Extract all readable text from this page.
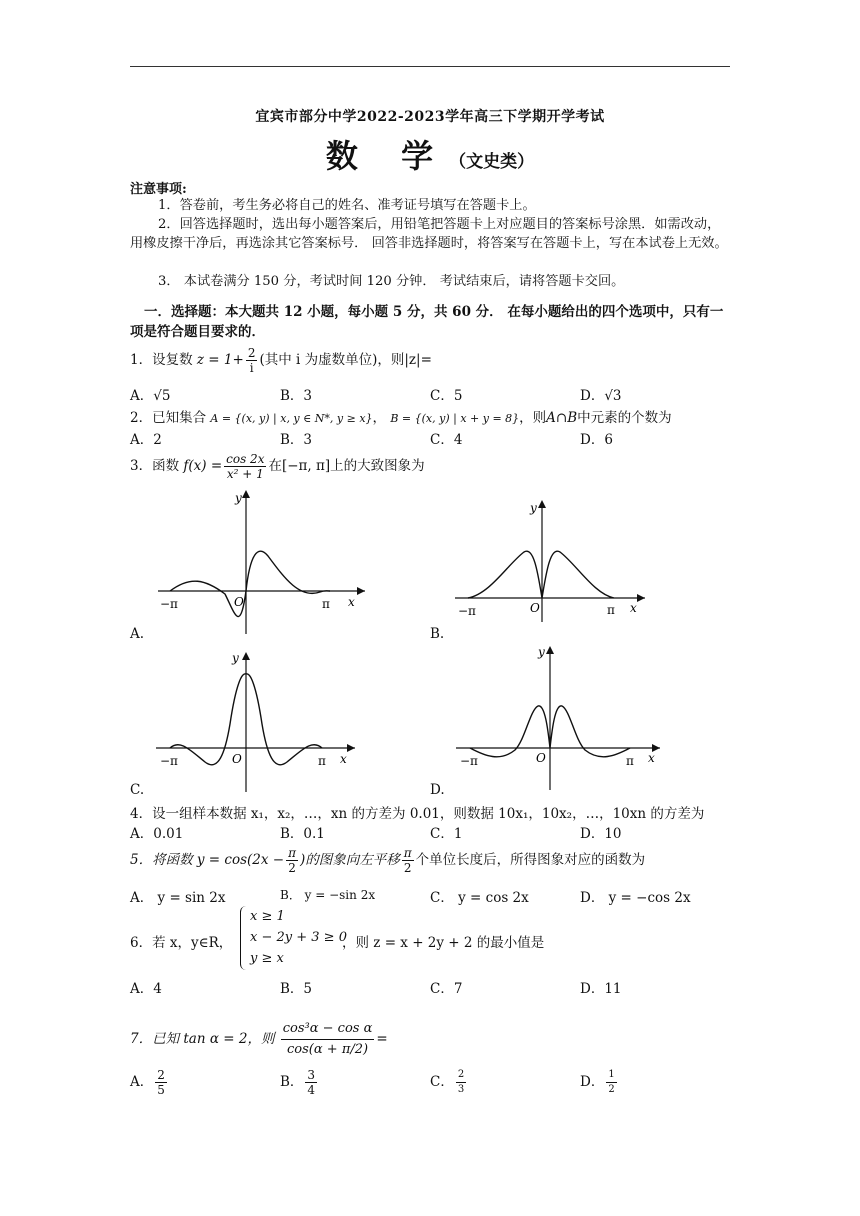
宜宾市部分中学2022-2023学年高三下学期开学考试
数 学（文史类）
注意事项:
1．答卷前，考生务必将自己的姓名、准考证号填写在答题卡上。
2．回答选择题时，选出每小题答案后，用铅笔把答题卡上对应题目的答案标号涂黑．如需改动，用橡皮擦干净后，再选涂其它答案标号． 回答非选择题时，将答案写在答题卡上，写在本试卷上无效。
3． 本试卷满分 150 分，考试时间 120 分钟． 考试结束后，请将答题卡交回。
一．选择题：本大题共 12 小题，每小题 5 分，共 60 分． 在每小题给出的四个选项中，只有一项是符合题目要求的．
1．设复数 $z = 1+ \frac{2}{i}$ (其中 i 为虚数单位)，则|z|=
A．√5	B．3	C．5	D．√3
2．已知集合 A = {(x, y) | x, y ∈ N*, y ≥ x}， B = {(x, y) | x + y = 8}，则A∩B中元素的个数为
A．2	B．3	C．4	D．6
3．函数 $f(x) = \frac{\cos 2x}{\text{x² + 1}}$ 在[−π, π]上的大致图象为
−π	O	π x
y
A.
−π	O	π x
y
B.
−π	O	π x
y
C.
−π	O	π x
y
D.
4．设一组样本数据 x₁，x₂，…，xn 的方差为 0.01，则数据 10x₁，10x₂，…，10xn 的方差为
A．0.01	B．0.1	C．1	D．10
5．将函数 $y = \cos(2x - \frac{\pi}{2}$ )的图象向左平移 $\frac{\pi}{2}$ 个单位长度后，所得图象对应的函数为
A． y = sin 2x	B． y = −sin 2x	C． y = cos 2x	D． y = −cos 2x
6．若 x，y∈R，
x ≥ 1
x − 2y + 3 ≥ 0
y ≥ x
，则 z = x + 2y + 2 的最小值是
A．4	B．5	C．7	D．11
7．已知 tan α = 2，则 $\frac{\text{cos³α − cos α}}{\cos(\alpha + \pi/2)}$ =
A． $\frac{2}{5}$	B． $\frac{3}{4}$	C． $\frac{2}{3}$	D． $\frac{1}{2}$
